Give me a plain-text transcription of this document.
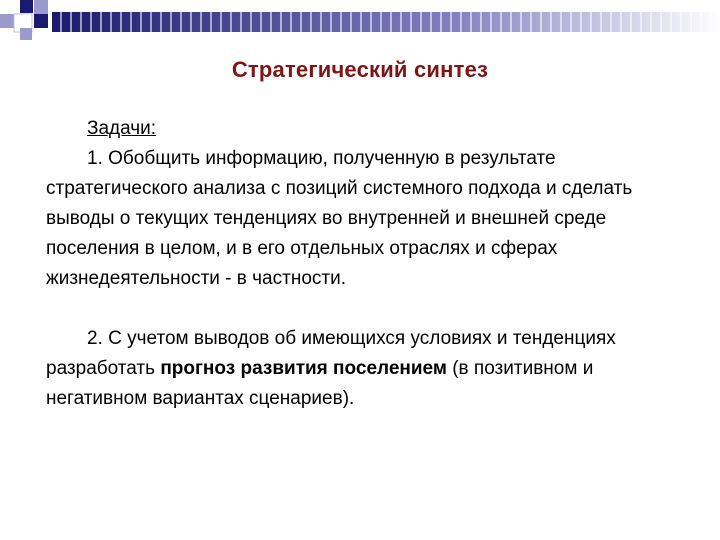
Стратегический синтез

Задачи:

1. Обобщить информацию, полученную в результате стратегического анализа с позиций системного подхода и сделать выводы о текущих тенденциях во внутренней и внешней среде поселения в целом, и в его отдельных отраслях и сферах жизнедеятельности - в частности.

2. С учетом выводов об имеющихся условиях и тенденциях разработать прогноз развития поселением (в позитивном и негативном вариантах сценариев).
